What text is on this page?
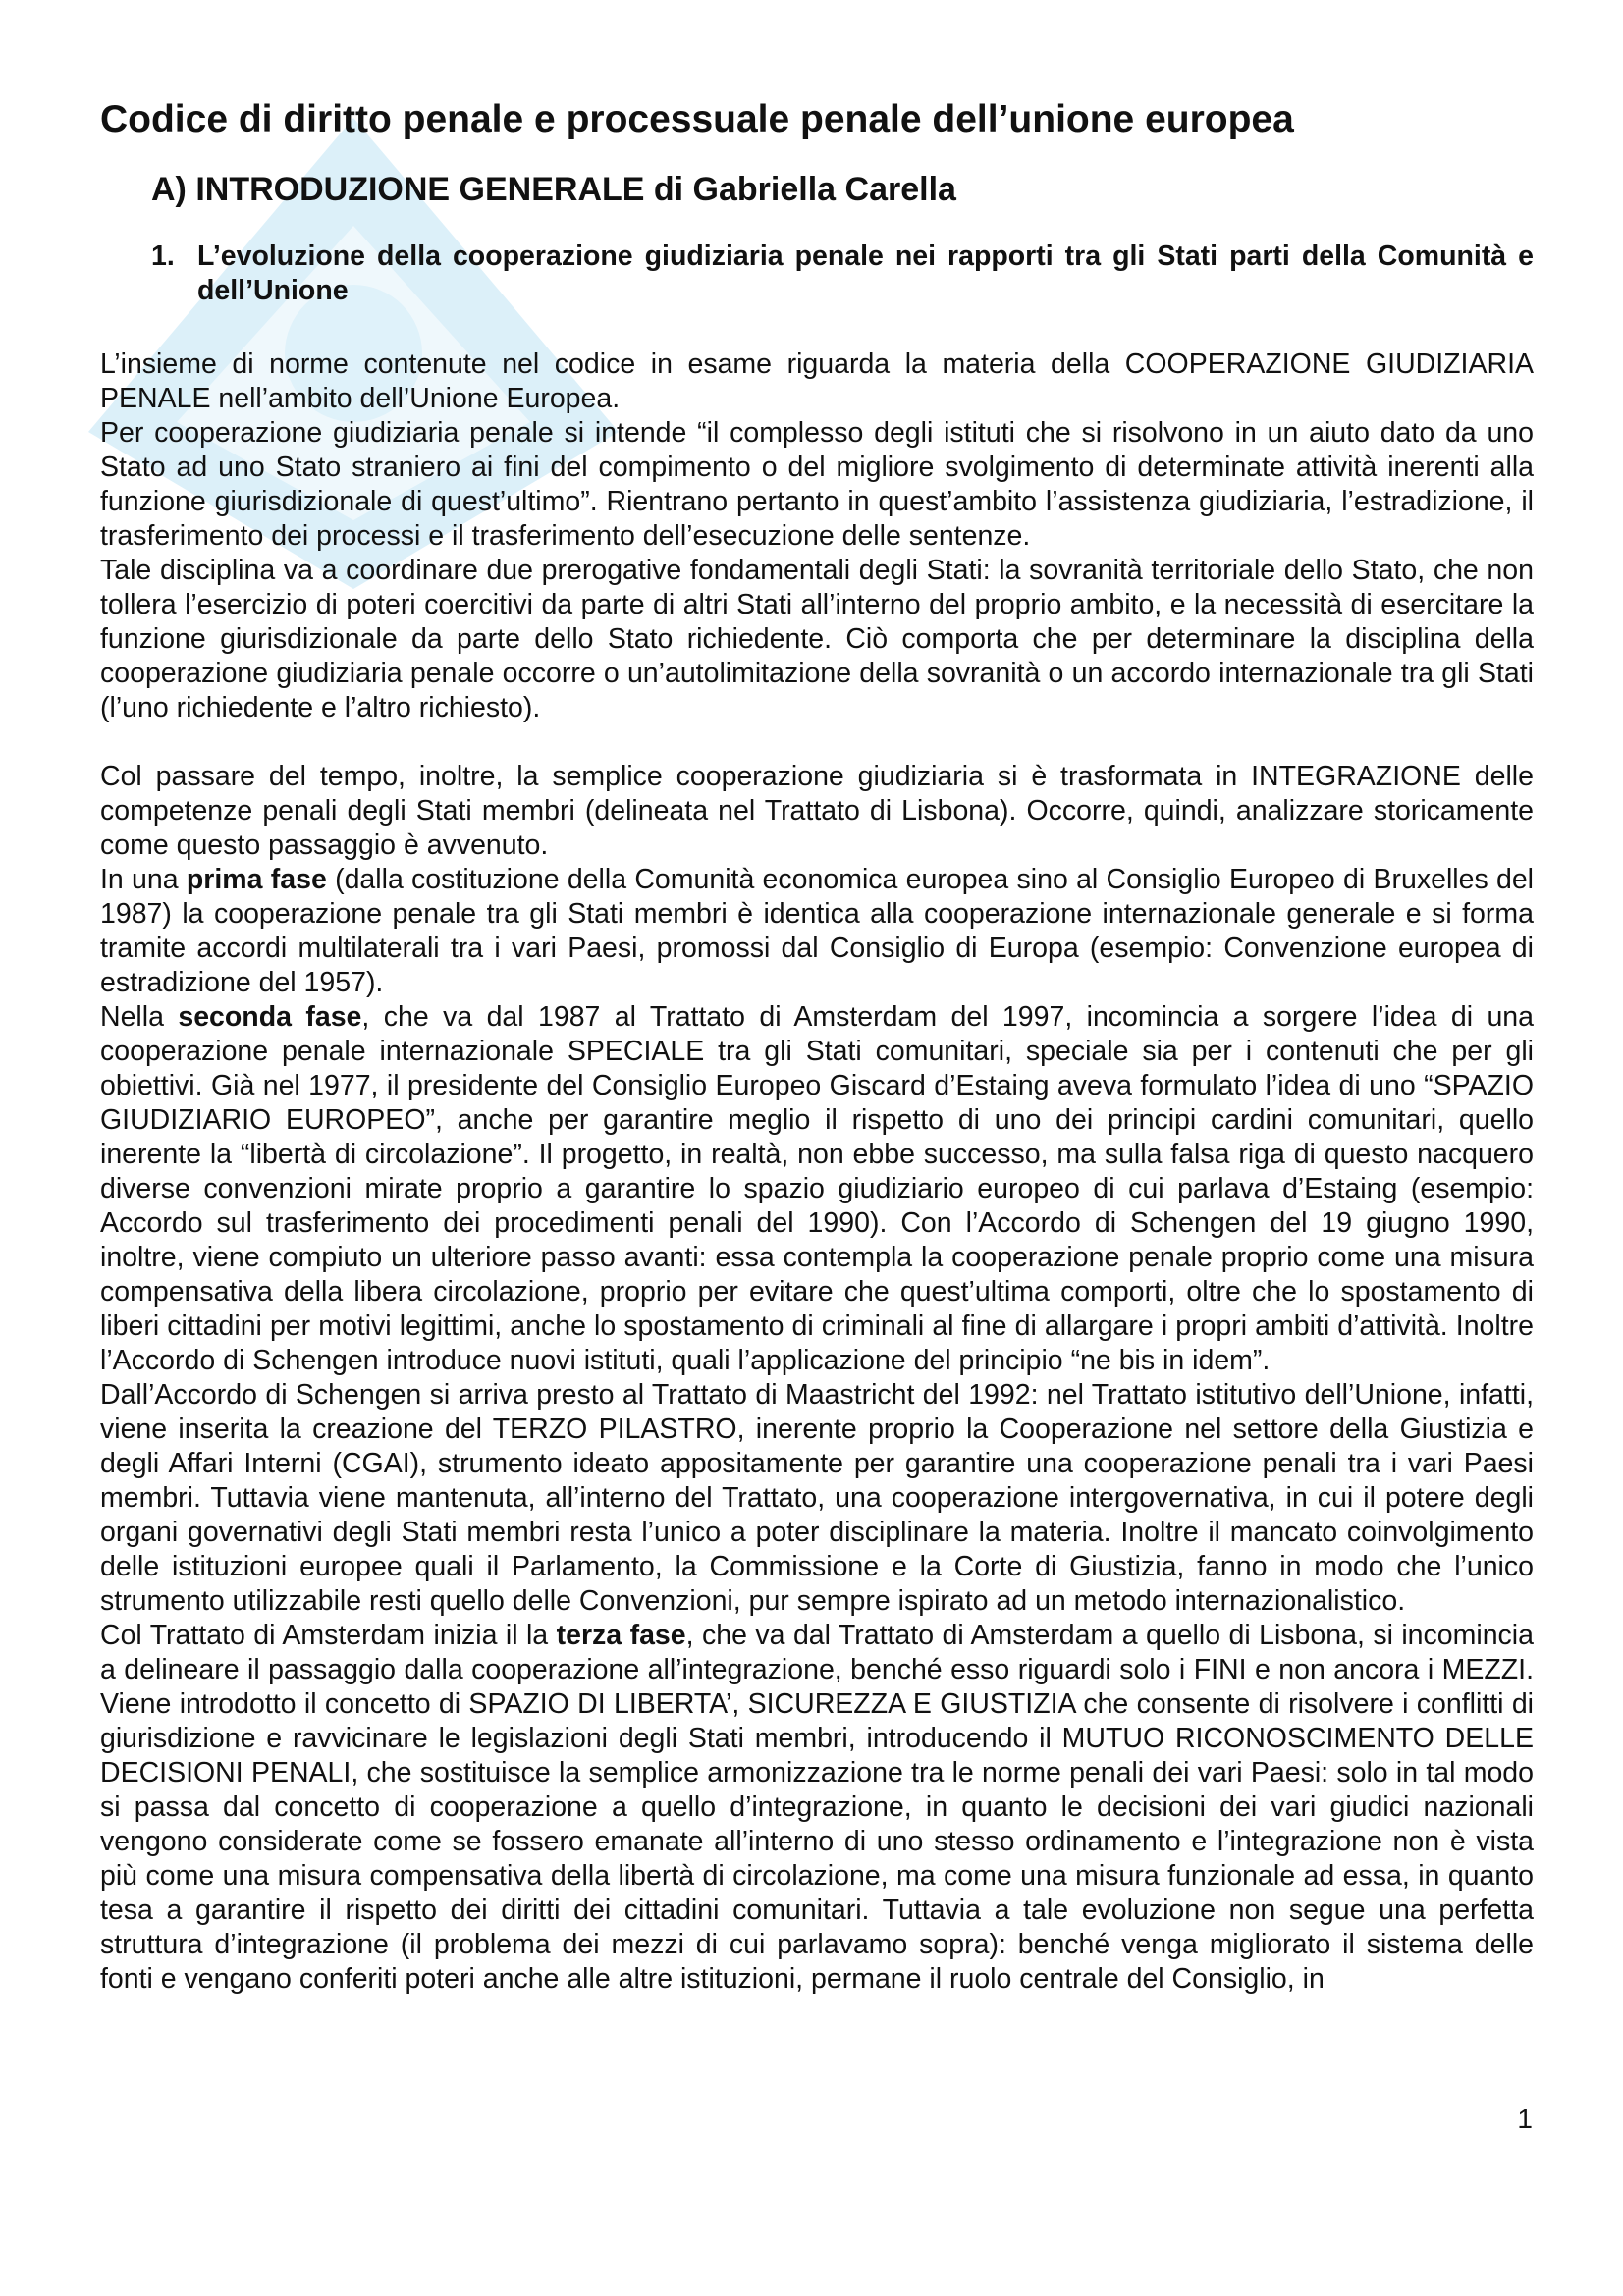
Codice di diritto penale e processuale penale dell’unione europea
A) INTRODUZIONE GENERALE di Gabriella Carella
1. L’evoluzione della cooperazione giudiziaria penale nei rapporti tra gli Stati parti della Comunità e dell’Unione

L’insieme di norme contenute nel codice in esame riguarda la materia della COOPERAZIONE GIUDIZIARIA PENALE nell’ambito dell’Unione Europea.

Per cooperazione giudiziaria penale si intende “il complesso degli istituti che si risolvono in un aiuto dato da uno Stato ad uno Stato straniero ai fini del compimento o del migliore svolgimento di determinate attività inerenti alla funzione giurisdizionale di quest’ultimo”. Rientrano pertanto in quest’ambito l’assistenza giudiziaria, l’estradizione, il trasferimento dei processi e il trasferimento dell’esecuzione delle sentenze.

Tale disciplina va a coordinare due prerogative fondamentali degli Stati: la sovranità territoriale dello Stato, che non tollera l’esercizio di poteri coercitivi da parte di altri Stati all’interno del proprio ambito, e la necessità di esercitare la funzione giurisdizionale da parte dello Stato richiedente. Ciò comporta che per determinare la disciplina della cooperazione giudiziaria penale occorre o un’autolimitazione della sovranità o un accordo internazionale tra gli Stati (l’uno richiedente e l’altro richiesto).

Col passare del tempo, inoltre, la semplice cooperazione giudiziaria si è trasformata in INTEGRAZIONE delle competenze penali degli Stati membri (delineata nel Trattato di Lisbona). Occorre, quindi, analizzare storicamente come questo passaggio è avvenuto.

In una prima fase (dalla costituzione della Comunità economica europea sino al Consiglio Europeo di Bruxelles del 1987) la cooperazione penale tra gli Stati membri è identica alla cooperazione internazionale generale e si forma tramite accordi multilaterali tra i vari Paesi, promossi dal Consiglio di Europa (esempio: Convenzione europea di estradizione del 1957).

Nella seconda fase, che va dal 1987 al Trattato di Amsterdam del 1997, incomincia a sorgere l’idea di una cooperazione penale internazionale SPECIALE tra gli Stati comunitari, speciale sia per i contenuti che per gli obiettivi. Già nel 1977, il presidente del Consiglio Europeo Giscard d’Estaing aveva formulato l’idea di uno “SPAZIO GIUDIZIARIO EUROPEO”, anche per garantire meglio il rispetto di uno dei principi cardini comunitari, quello inerente la “libertà di circolazione”. Il progetto, in realtà, non ebbe successo, ma sulla falsa riga di questo nacquero diverse convenzioni mirate proprio a garantire lo spazio giudiziario europeo di cui parlava d’Estaing (esempio: Accordo sul trasferimento dei procedimenti penali del 1990). Con l’Accordo di Schengen del 19 giugno 1990, inoltre, viene compiuto un ulteriore passo avanti: essa contempla la cooperazione penale proprio come una misura compensativa della libera circolazione, proprio per evitare che quest’ultima comporti, oltre che lo spostamento di liberi cittadini per motivi legittimi, anche lo spostamento di criminali al fine di allargare i propri ambiti d’attività. Inoltre l’Accordo di Schengen introduce nuovi istituti, quali l’applicazione del principio “ne bis in idem”.

Dall’Accordo di Schengen si arriva presto al Trattato di Maastricht del 1992: nel Trattato istitutivo dell’Unione, infatti, viene inserita la creazione del TERZO PILASTRO, inerente proprio la Cooperazione nel settore della Giustizia e degli Affari Interni (CGAI), strumento ideato appositamente per garantire una cooperazione penali tra i vari Paesi membri. Tuttavia viene mantenuta, all’interno del Trattato, una cooperazione intergovernativa, in cui il potere degli organi governativi degli Stati membri resta l’unico a poter disciplinare la materia. Inoltre il mancato coinvolgimento delle istituzioni europee quali il Parlamento, la Commissione e la Corte di Giustizia, fanno in modo che l’unico strumento utilizzabile resti quello delle Convenzioni, pur sempre ispirato ad un metodo internazionalistico.

Col Trattato di Amsterdam inizia il la terza fase, che va dal Trattato di Amsterdam a quello di Lisbona, si incomincia a delineare il passaggio dalla cooperazione all’integrazione, benché esso riguardi solo i FINI e non ancora i MEZZI. Viene introdotto il concetto di SPAZIO DI LIBERTA’, SICUREZZA E GIUSTIZIA che consente di risolvere i conflitti di giurisdizione e ravvicinare le legislazioni degli Stati membri, introducendo il MUTUO RICONOSCIMENTO DELLE DECISIONI PENALI, che sostituisce la semplice armonizzazione tra le norme penali dei vari Paesi: solo in tal modo si passa dal concetto di cooperazione a quello d’integrazione, in quanto le decisioni dei vari giudici nazionali vengono considerate come se fossero emanate all’interno di uno stesso ordinamento e l’integrazione non è vista più come una misura compensativa della libertà di circolazione, ma come una misura funzionale ad essa, in quanto tesa a garantire il rispetto dei diritti dei cittadini comunitari. Tuttavia a tale evoluzione non segue una perfetta struttura d’integrazione (il problema dei mezzi di cui parlavamo sopra): benché venga migliorato il sistema delle fonti e vengano conferiti poteri anche alle altre istituzioni, permane il ruolo centrale del Consiglio, in

1
